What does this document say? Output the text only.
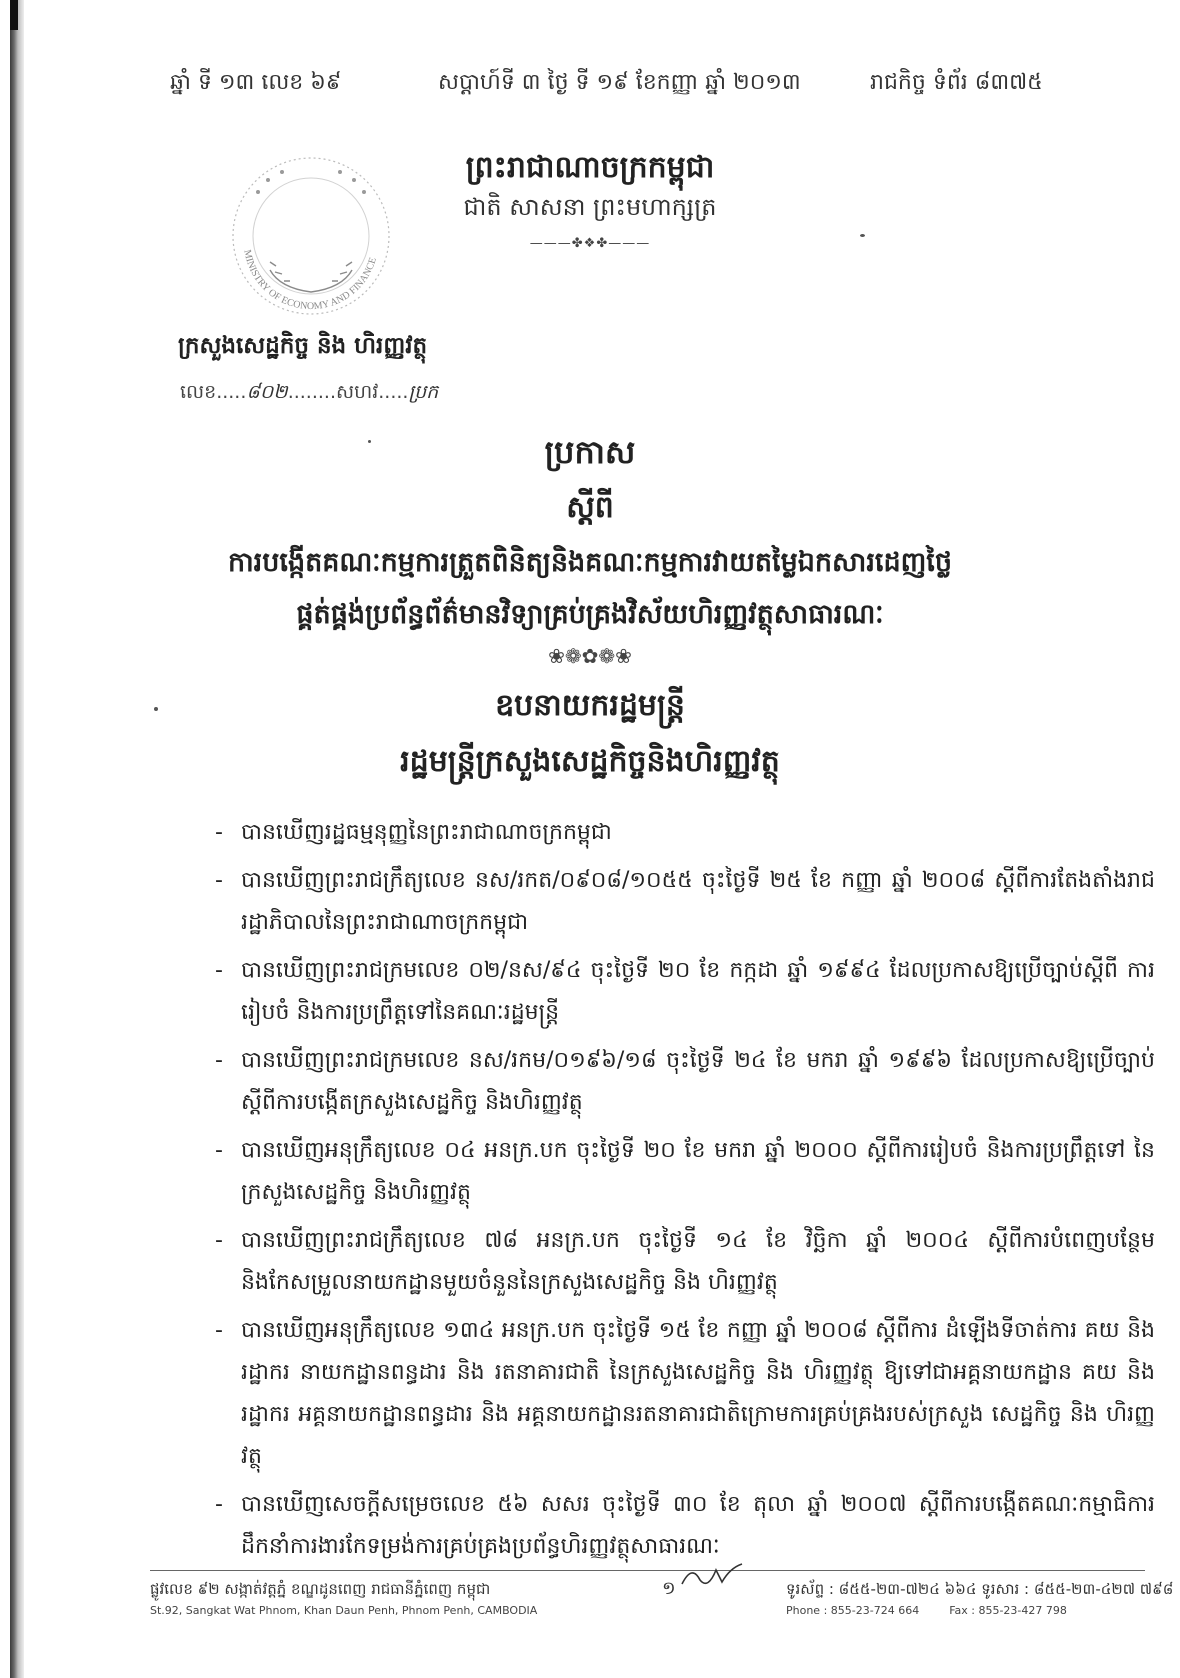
ឆ្នាំ ទី ១៣ លេខ ៦៩	សប្ដាហ៍ទី ៣ ថ្ងៃ ទី ១៩ ខែកញ្ញា ឆ្នាំ ២០១៣	រាជកិច្ច ទំព័រ ៨៣៧៥
ព្រះរាជាណាចក្រកម្ពុជា
ជាតិ សាសនា ព្រះមហាក្សត្រ
———✤❖✤———
MINISTRY OF ECONOMY AND FINANCE
ក្រសួងសេដ្ឋកិច្ច និង ហិរញ្ញវត្ថុ
លេខ.....៨០២........សហវ.....ប្រក
ប្រកាស
ស្ដីពី
ការបង្កើតគណៈកម្មការត្រួតពិនិត្យនិងគណៈកម្មការវាយតម្លៃឯកសារដេញថ្លៃ
ផ្គត់ផ្គង់ប្រព័ន្ធព័ត៌មានវិទ្យាគ្រប់គ្រងវិស័យហិរញ្ញវត្ថុសាធារណៈ
❀❁✿❁❀
ឧបនាយករដ្ឋមន្ត្រី
រដ្ឋមន្ត្រីក្រសួងសេដ្ឋកិច្ចនិងហិរញ្ញវត្ថុ
- បានឃើញរដ្ឋធម្មនុញ្ញនៃព្រះរាជាណាចក្រកម្ពុជា
- បានឃើញព្រះរាជក្រឹត្យលេខ នស/រកត/០៩០៨/១០៥៥ ចុះថ្ងៃទី ២៥ ខែ កញ្ញា ឆ្នាំ ២០០៨ ស្ដីពីការតែងតាំងរាជរដ្ឋាភិបាលនៃព្រះរាជាណាចក្រកម្ពុជា
- បានឃើញព្រះរាជក្រមលេខ ០២/នស/៩៤ ចុះថ្ងៃទី ២០ ខែ កក្កដា ឆ្នាំ ១៩៩៤ ដែលប្រកាសឱ្យប្រើច្បាប់ស្ដីពី ការរៀបចំ និងការប្រព្រឹត្តទៅនៃគណៈរដ្ឋមន្ត្រី
- បានឃើញព្រះរាជក្រមលេខ នស/រកម/០១៩៦/១៨ ចុះថ្ងៃទី ២៤ ខែ មករា ឆ្នាំ ១៩៩៦ ដែលប្រកាសឱ្យប្រើច្បាប់ស្ដីពីការបង្កើតក្រសួងសេដ្ឋកិច្ច និងហិរញ្ញវត្ថុ
- បានឃើញអនុក្រឹត្យលេខ ០៤ អនក្រ.បក ចុះថ្ងៃទី ២០ ខែ មករា ឆ្នាំ ២០០០ ស្ដីពីការរៀបចំ និងការប្រព្រឹត្តទៅ នៃក្រសួងសេដ្ឋកិច្ច និងហិរញ្ញវត្ថុ
- បានឃើញព្រះរាជក្រឹត្យលេខ ៧៨ អនក្រ.បក ចុះថ្ងៃទី ១៤ ខែ វិច្ឆិកា ឆ្នាំ ២០០៤ ស្ដីពីការបំពេញបន្ថែម និងកែសម្រួលនាយកដ្ឋានមួយចំនួននៃក្រសួងសេដ្ឋកិច្ច និង ហិរញ្ញវត្ថុ
- បានឃើញអនុក្រឹត្យលេខ ១៣៤ អនក្រ.បក ចុះថ្ងៃទី ១៥ ខែ កញ្ញា ឆ្នាំ ២០០៨ ស្ដីពីការ ដំឡើងទីចាត់ការ គយ និង រដ្ឋាករ នាយកដ្ឋានពន្ធដារ និង រតនាគារជាតិ នៃក្រសួងសេដ្ឋកិច្ច និង ហិរញ្ញវត្ថុ ឱ្យទៅជាអគ្គនាយកដ្ឋាន គយ និង រដ្ឋាករ អគ្គនាយកដ្ឋានពន្ធដារ និង អគ្គនាយកដ្ឋានរតនាគារជាតិក្រោមការគ្រប់គ្រងរបស់ក្រសួង សេដ្ឋកិច្ច និង ហិរញ្ញវត្ថុ
- បានឃើញសេចក្ដីសម្រេចលេខ ៥៦ សសរ ចុះថ្ងៃទី ៣០ ខែ តុលា ឆ្នាំ ២០០៧ ស្ដីពីការបង្កើតគណៈកម្មាធិការដឹកនាំការងារកែទម្រង់ការគ្រប់គ្រងប្រព័ន្ធហិរញ្ញវត្ថុសាធារណៈ
ផ្លូវលេខ ៩២ សង្កាត់វត្តភ្នំ ខណ្ឌដូនពេញ រាជធានីភ្នំពេញ កម្ពុជា
St.92, Sangkat Wat Phnom, Khan Daun Penh, Phnom Penh, CAMBODIA
១	ទូរស័ព្ទ : ៨៥៥-២៣-៧២៤ ៦៦៤ ទូរសារ : ៨៥៥-២៣-៤២៧ ៧៩៨
Phone : 855-23-724 664	Fax : 855-23-427 798
